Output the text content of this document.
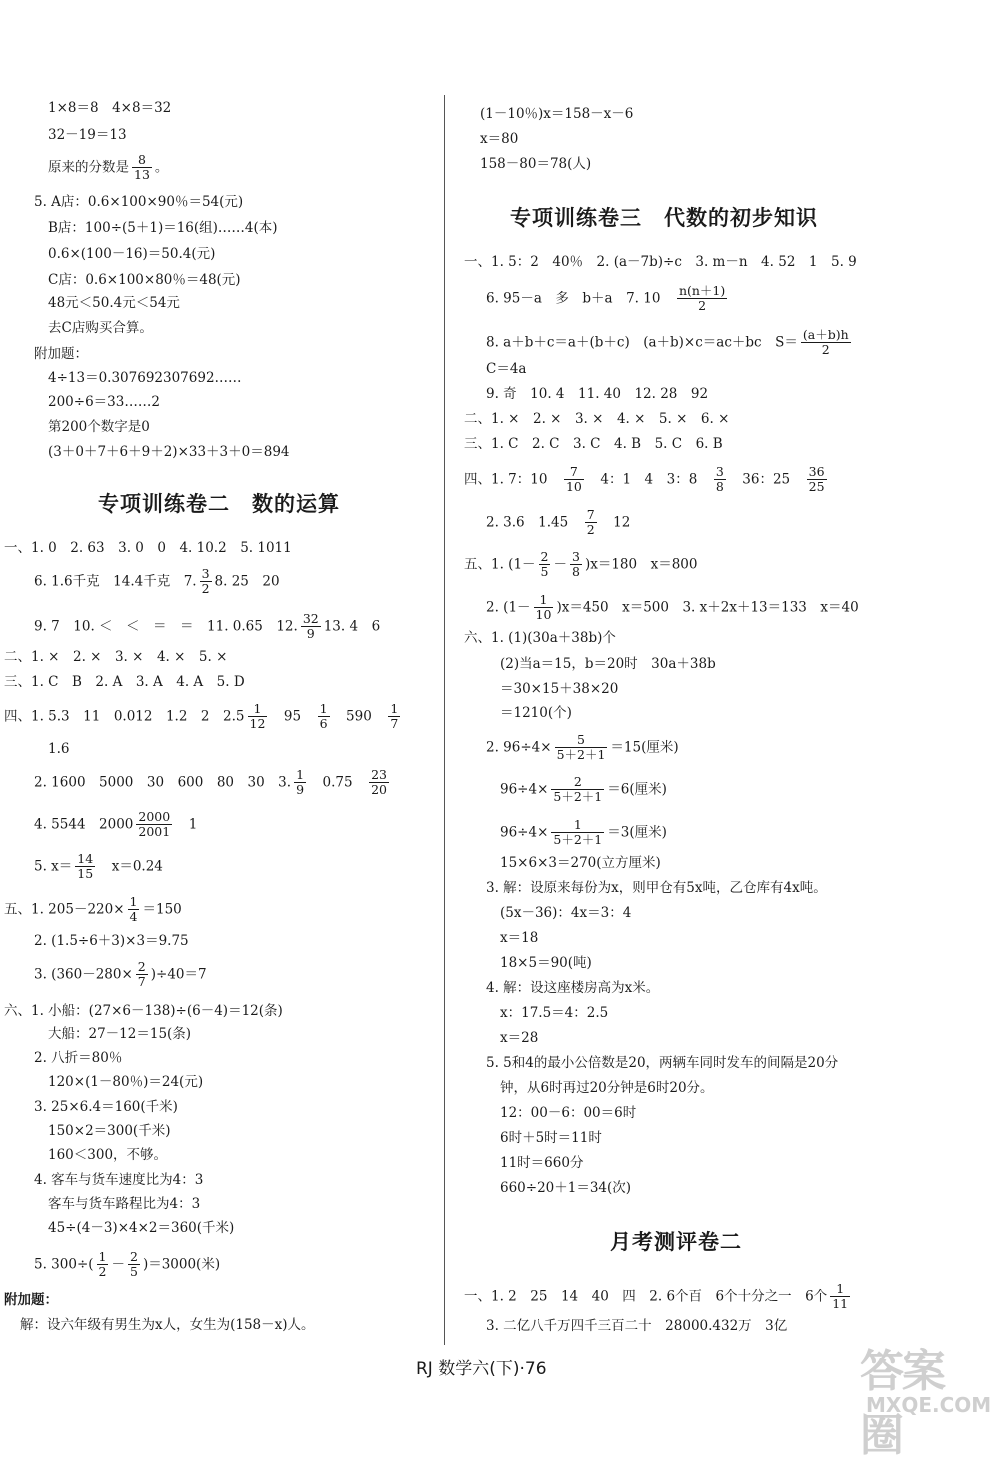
1×8＝8　4×8＝32
32－19＝13
原来的分数是 $\frac{8}{13}$ 。
5. A店：0.6×100×90％＝54(元)
B店：100÷(5＋1)＝16(组)……4(本)
0.6×(100－16)＝50.4(元)
C店：0.6×100×80％＝48(元)
48元＜50.4元＜54元
去C店购买合算。
附加题：
4÷13＝0.307692307692……
200÷6＝33……2
第200个数字是0
(3＋0＋7＋6＋9＋2)×33＋3＋0＝894
专项训练卷二　数的运算
一、1. 0　2. 63　3. 0　0　4. 10.2　5. 1011
6. 1.6千克　14.4千克　7. $\frac{3}{2} 8$. 25　20
9. 7　10. ＜　＜　＝　＝　11. 0.65　12. $\frac{32}{9} 13$. 4　6
二、1. ×　2. ×　3. ×　4. ×　5. ×
三、1. C　B　2. A　3. A　4. A　5. D
四、1. 5.3　11　0.012　1.2　2　$2.5 \frac{1}{12}$
　 95　 $\frac{1}{6}$
　 590　 $\frac{1}{7}$
1.6
2. 1600　5000　30　600　80　30　3. $\frac{1}{9}$
　 0.75　 $\frac{23}{20}$
4. 5544　$2000 \frac{2000}{2001}$
　 1
5. $x= \frac{14}{15}$
　 x＝0.24
五、1. $205-220\times \frac{1}{4} =150$
2. (1.5÷6＋3)×3＝9.75
3. $(360-280\times \frac{2}{7} )\div 40=7$
六、1. 小船：(27×6－138)÷(6－4)＝12(条)
大船：27－12＝15(条)
2. 八折＝80％
120×(1－80％)＝24(元)
3. 25×6.4＝160(千米)
150×2＝300(千米)
160＜300，不够。
4. 客车与货车速度比为4：3
客车与货车路程比为4：3
45÷(4－3)×4×2＝360(千米)
5. $300\div( \frac{1}{2} - \frac{2}{5} )=3000$(米)
附加题：
解：设六年级有男生为x人，女生为(158－x)人。
(1－10％)x＝158－x－6
x＝80
158－80＝78(人)
专项训练卷三　代数的初步知识
一、1. 5：2　40％　2. (a－7b)÷c　3. m－n　4. 52　1　5. 9
6. 95－a　多　b＋a　7. 10　 $\frac{n(n+1)}{2}$
8. a＋b＋c＝a＋(b＋c)　(a＋b)×c＝ac＋bc　$S= \frac{(a+b)h}{2}$
C＝4a
9. 奇　10. 4　11. 40　12. 28　92
二、1. ×　2. ×　3. ×　4. ×　5. ×　6. ×
三、1. C　2. C　3. C　4. B　5. C　6. B
四、1. 7：10　 $\frac{7}{10}$
　 4：1　4　3：8　 $\frac{3}{8}$
　 36：25　 $\frac{36}{25}$
2. 3.6　1.45　 $\frac{7}{2}$
　 12
五、1. $(1- \frac{2}{5} - \frac{3}{8} )x=180$　x＝800
2. $(1- \frac{1}{10} )x=450$　x＝500　3. x＋2x＋13＝133　x＝40
六、1. (1)(30a＋38b)个
(2)当a＝15，b＝20时　30a＋38b
＝30×15＋38×20
＝1210(个)
2. $96\div 4\times \frac{5}{5+2+1} =15$(厘米)
$96\div 4\times \frac{2}{5+2+1} =6$(厘米)
$96\div 4\times \frac{1}{5+2+1} =3$(厘米)
15×6×3＝270(立方厘米)
3. 解：设原来每份为x，则甲仓有5x吨，乙仓库有4x吨。
(5x－36)：4x＝3：4
x＝18
18×5＝90(吨)
4. 解：设这座楼房高为x米。
x：17.5＝4：2.5
x＝28
5. 5和4的最小公倍数是20，两辆车同时发车的间隔是20分
钟，从6时再过20分钟是6时20分。
12：00－6：00＝6时
6时＋5时＝11时
11时＝660分
660÷20＋1＝34(次)
月考测评卷二
一、1. 2　25　14　40　四　2. 6个百　6个十分之一　6个 $\frac{1}{11}$
3. 二亿八千万四千三百二十　28000.432万　3亿
RJ 数学六(下)·76	答案圈
MXQE.COM
